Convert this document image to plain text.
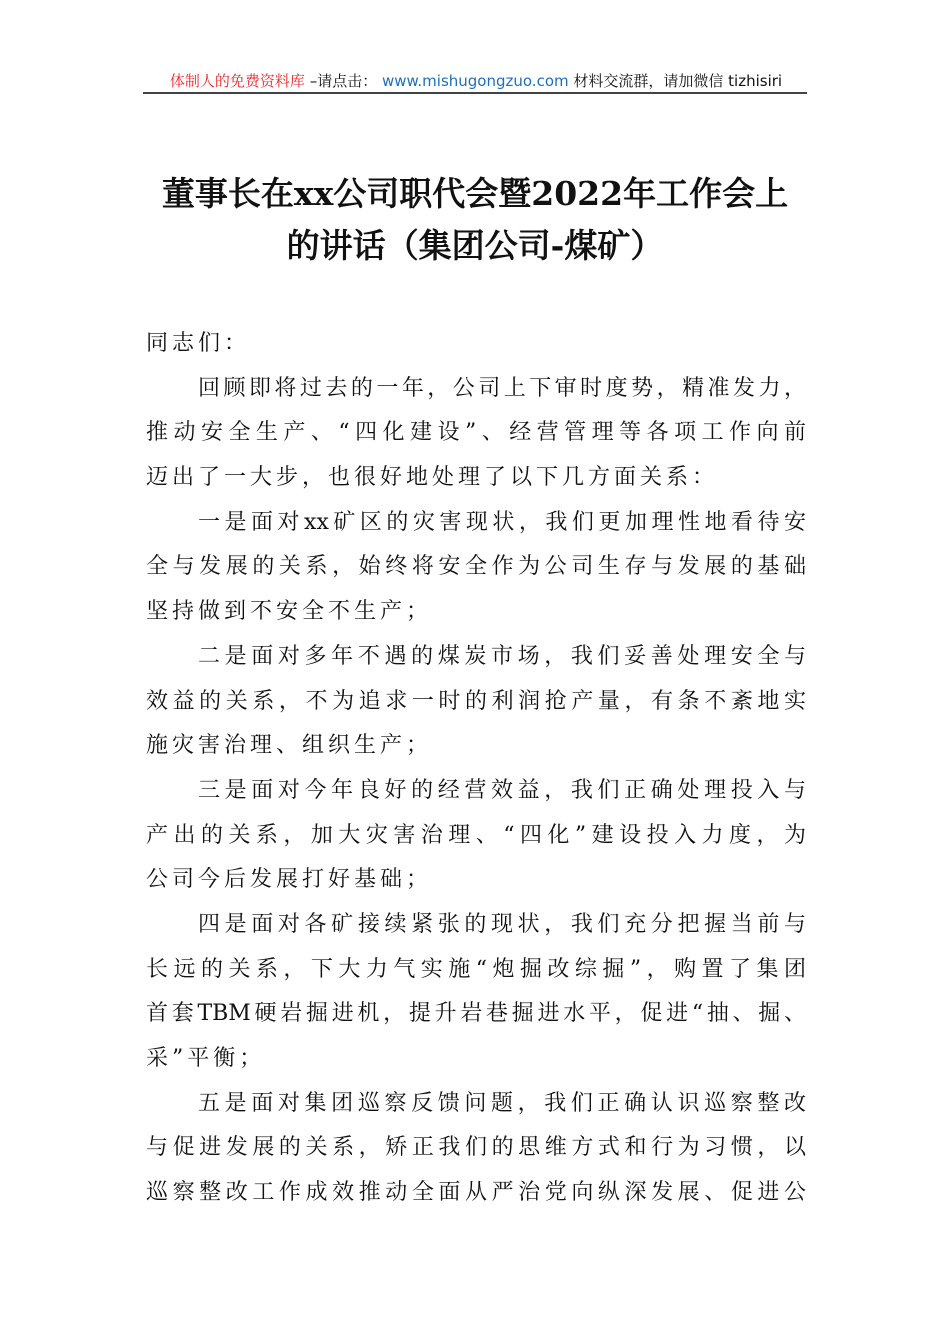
体制人的免费资料库 –请点击： www.mishugongzuo.com 材料交流群，请加微信 tizhisiri
董事长在xx公司职代会暨2022年工作会上
的讲话（集团公司-煤矿）
同志们：
回顾即将过去的一年，公司上下审时度势，精准发力，
推动安全生产、“四化建设”、经营管理等各项工作向前
迈出了一大步，也很好地处理了以下几方面关系：
一是面对xx矿区的灾害现状，我们更加理性地看待安
全与发展的关系，始终将安全作为公司生存与发展的基础
坚持做到不安全不生产；
二是面对多年不遇的煤炭市场，我们妥善处理安全与
效益的关系，不为追求一时的利润抢产量，有条不紊地实
施灾害治理、组织生产；
三是面对今年良好的经营效益，我们正确处理投入与
产出的关系，加大灾害治理、“四化”建设投入力度，为
公司今后发展打好基础；
四是面对各矿接续紧张的现状，我们充分把握当前与
长远的关系，下大力气实施“炮掘改综掘”，购置了集团
首套TBM硬岩掘进机，提升岩巷掘进水平，促进“抽、掘、
采”平衡；
五是面对集团巡察反馈问题，我们正确认识巡察整改
与促进发展的关系，矫正我们的思维方式和行为习惯，以
巡察整改工作成效推动全面从严治党向纵深发展、促进公
